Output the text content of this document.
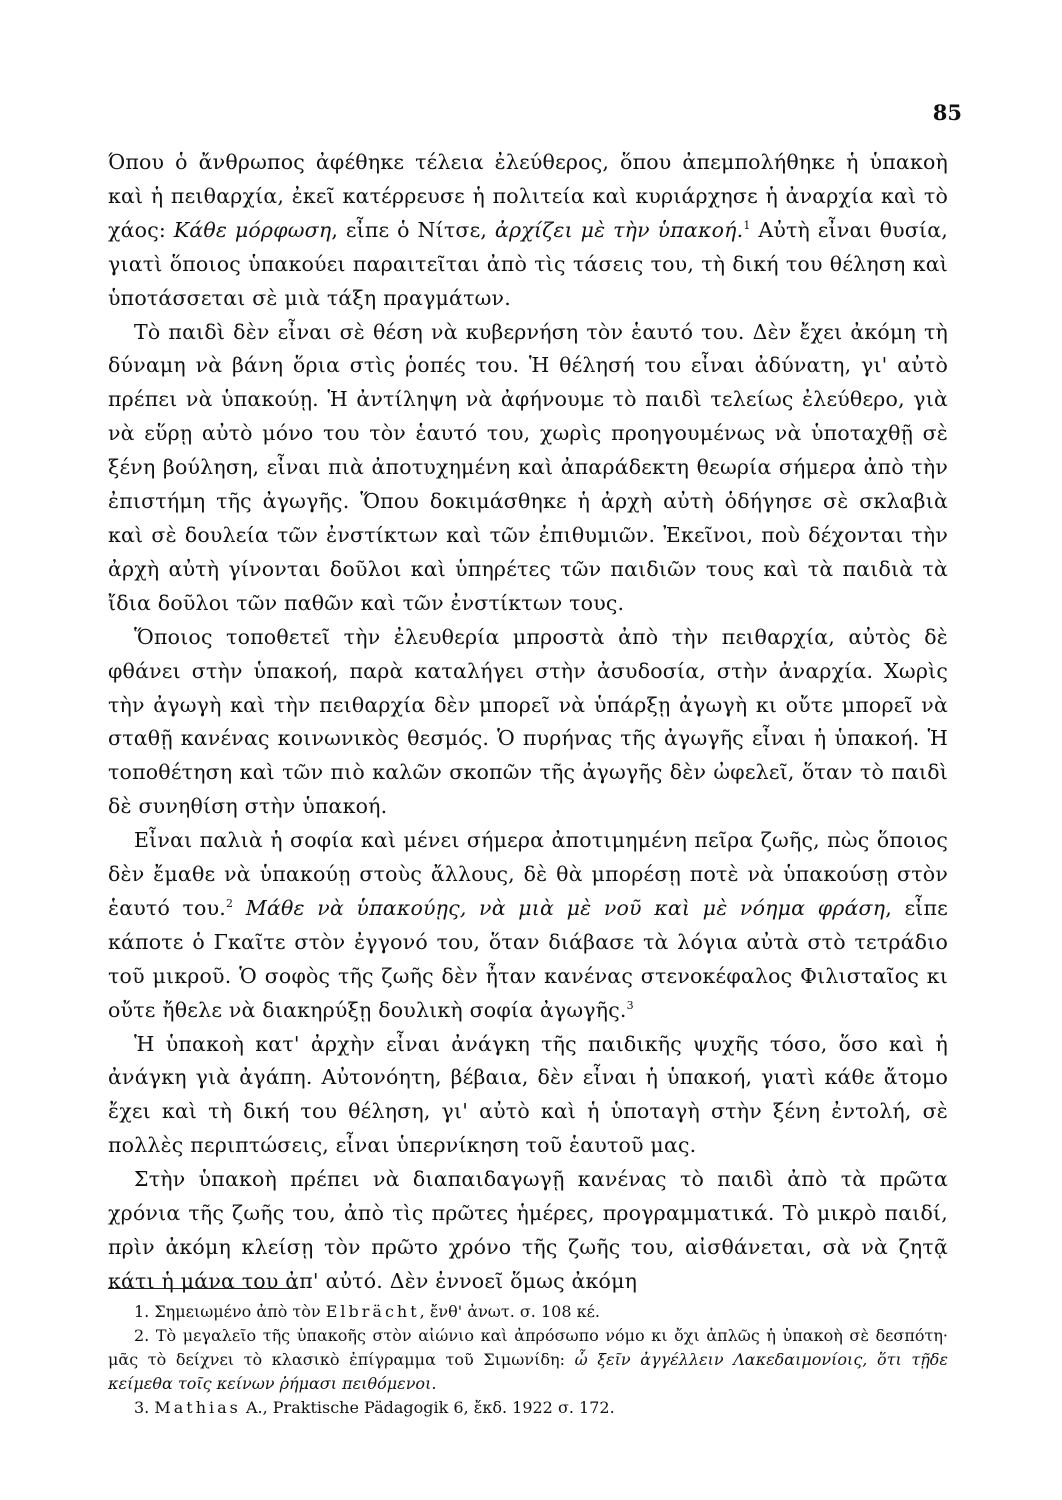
85

Όπου ὁ ἄνθρωπος ἀφέθηκε τέλεια ἐλεύθερος, ὅπου ἀπεμπολήθηκε ἡ ὑπακοὴ καὶ ἡ πειθαρχία, ἐκεῖ κατέρρευσε ἡ πολιτεία καὶ κυριάρχησε ἡ ἀναρχία καὶ τὸ χάος: Κάθε μόρφωση, εἶπε ὁ Νίτσε, ἀρχίζει μὲ τὴν ὑπακοή.$^1$ Αὐτὴ εἶναι θυσία, γιατὶ ὅποιος ὑπακούει παραιτεῖται ἀπὸ τὶς τάσεις του, τὴ δική του θέληση καὶ ὑποτάσσεται σὲ μιὰ τάξη πραγμάτων.

Τὸ παιδὶ δὲν εἶναι σὲ θέση νὰ κυβερνήση τὸν ἑαυτό του. Δὲν ἔχει ἀκόμη τὴ δύναμη νὰ βάνη ὅρια στὶς ῥοπές του. Ἡ θέλησή του εἶναι ἀδύνατη, γι' αὐτὸ πρέπει νὰ ὑπακούῃ. Ἡ ἀντίληψη νὰ ἀφήνουμε τὸ παιδὶ τελείως ἐλεύθερο, γιὰ νὰ εὕρῃ αὐτὸ μόνο του τὸν ἑαυτό του, χωρὶς προηγουμένως νὰ ὑποταχθῇ σὲ ξένη βούληση, εἶναι πιὰ ἀποτυχημένη καὶ ἀπαράδεκτη θεωρία σήμερα ἀπὸ τὴν ἐπιστήμη τῆς ἀγωγῆς. Ὅπου δοκιμάσθηκε ἡ ἀρχὴ αὐτὴ ὁδήγησε σὲ σκλαβιὰ καὶ σὲ δουλεία τῶν ἐνστίκτων καὶ τῶν ἐπιθυμιῶν. Ἐκεῖνοι, ποὺ δέχονται τὴν ἀρχὴ αὐτὴ γίνονται δοῦλοι καὶ ὑπηρέτες τῶν παιδιῶν τους καὶ τὰ παιδιὰ τὰ ἴδια δοῦλοι τῶν παθῶν καὶ τῶν ἐνστίκτων τους.

Ὅποιος τοποθετεῖ τὴν ἐλευθερία μπροστὰ ἀπὸ τὴν πειθαρχία, αὐτὸς δὲ φθάνει στὴν ὑπακοή, παρὰ καταλήγει στὴν ἀσυδοσία, στὴν ἀναρχία. Χωρὶς τὴν ἀγωγὴ καὶ τὴν πειθαρχία δὲν μπορεῖ νὰ ὑπάρξῃ ἀγωγὴ κι οὔτε μπορεῖ νὰ σταθῇ κανένας κοινωνικὸς θεσμός. Ὁ πυρήνας τῆς ἀγωγῆς εἶναι ἡ ὑπακοή. Ἡ τοποθέτηση καὶ τῶν πιὸ καλῶν σκοπῶν τῆς ἀγωγῆς δὲν ὠφελεῖ, ὅταν τὸ παιδὶ δὲ συνηθίση στὴν ὑπακοή.

Εἶναι παλιὰ ἡ σοφία καὶ μένει σήμερα ἀποτιμημένη πεῖρα ζωῆς, πὼς ὅποιος δὲν ἔμαθε νὰ ὑπακούῃ στοὺς ἄλλους, δὲ θὰ μπορέσῃ ποτὲ νὰ ὑπακούσῃ στὸν ἑαυτό του.$^2$ Μάθε νὰ ὑπακούῃς, νὰ μιὰ μὲ νοῦ καὶ μὲ νόημα φράση, εἶπε κάποτε ὁ Γκαῖτε στὸν ἐγγονό του, ὅταν διάβασε τὰ λόγια αὐτὰ στὸ τετράδιο τοῦ μικροῦ. Ὁ σοφὸς τῆς ζωῆς δὲν ἦταν κανένας στενοκέφαλος Φιλισταῖος κι οὔτε ἤθελε νὰ διακηρύξῃ δουλικὴ σοφία ἀγωγῆς.$^3$

Ἡ ὑπακοὴ κατ' ἀρχὴν εἶναι ἀνάγκη τῆς παιδικῆς ψυχῆς τόσο, ὅσο καὶ ἡ ἀνάγκη γιὰ ἀγάπη. Αὐτονόητη, βέβαια, δὲν εἶναι ἡ ὑπακοή, γιατὶ κάθε ἄτομο ἔχει καὶ τὴ δική του θέληση, γι' αὐτὸ καὶ ἡ ὑποταγὴ στὴν ξένη ἐντολή, σὲ πολλὲς περιπτώσεις, εἶναι ὑπερνίκηση τοῦ ἑαυτοῦ μας.

Στὴν ὑπακοὴ πρέπει νὰ διαπαιδαγωγῇ κανένας τὸ παιδὶ ἀπὸ τὰ πρῶτα χρόνια τῆς ζωῆς του, ἀπὸ τὶς πρῶτες ἡμέρες, προγραμματικά. Τὸ μικρὸ παιδί, πρὶν ἀκόμη κλείσῃ τὸν πρῶτο χρόνο τῆς ζωῆς του, αἰσθάνεται, σὰ νὰ ζητᾷ κάτι ἡ μάνα του ἀπ' αὐτό. Δὲν ἐννοεῖ ὅμως ἀκόμη

1. Σημειωμένο ἀπὸ τὸν Elbrächt, ἔνθ' ἀνωτ. σ. 108 κέ.

2. Τὸ μεγαλεῖο τῆς ὑπακοῆς στὸν αἰώνιο καὶ ἀπρόσωπο νόμο κι ὄχι ἁπλῶς ἡ ὑπακοὴ σὲ δεσπότη· μᾶς τὸ δείχνει τὸ κλασικὸ ἐπίγραμμα τοῦ Σιμωνίδη: ὦ ξεῖν ἀγγέλλειν Λακεδαιμονίοις, ὅτι τῇδε κείμεθα τοῖς κείνων ῥήμασι πειθόμενοι.

3. Mathias A., Praktische Pädagogik 6, ἔκδ. 1922 σ. 172.
